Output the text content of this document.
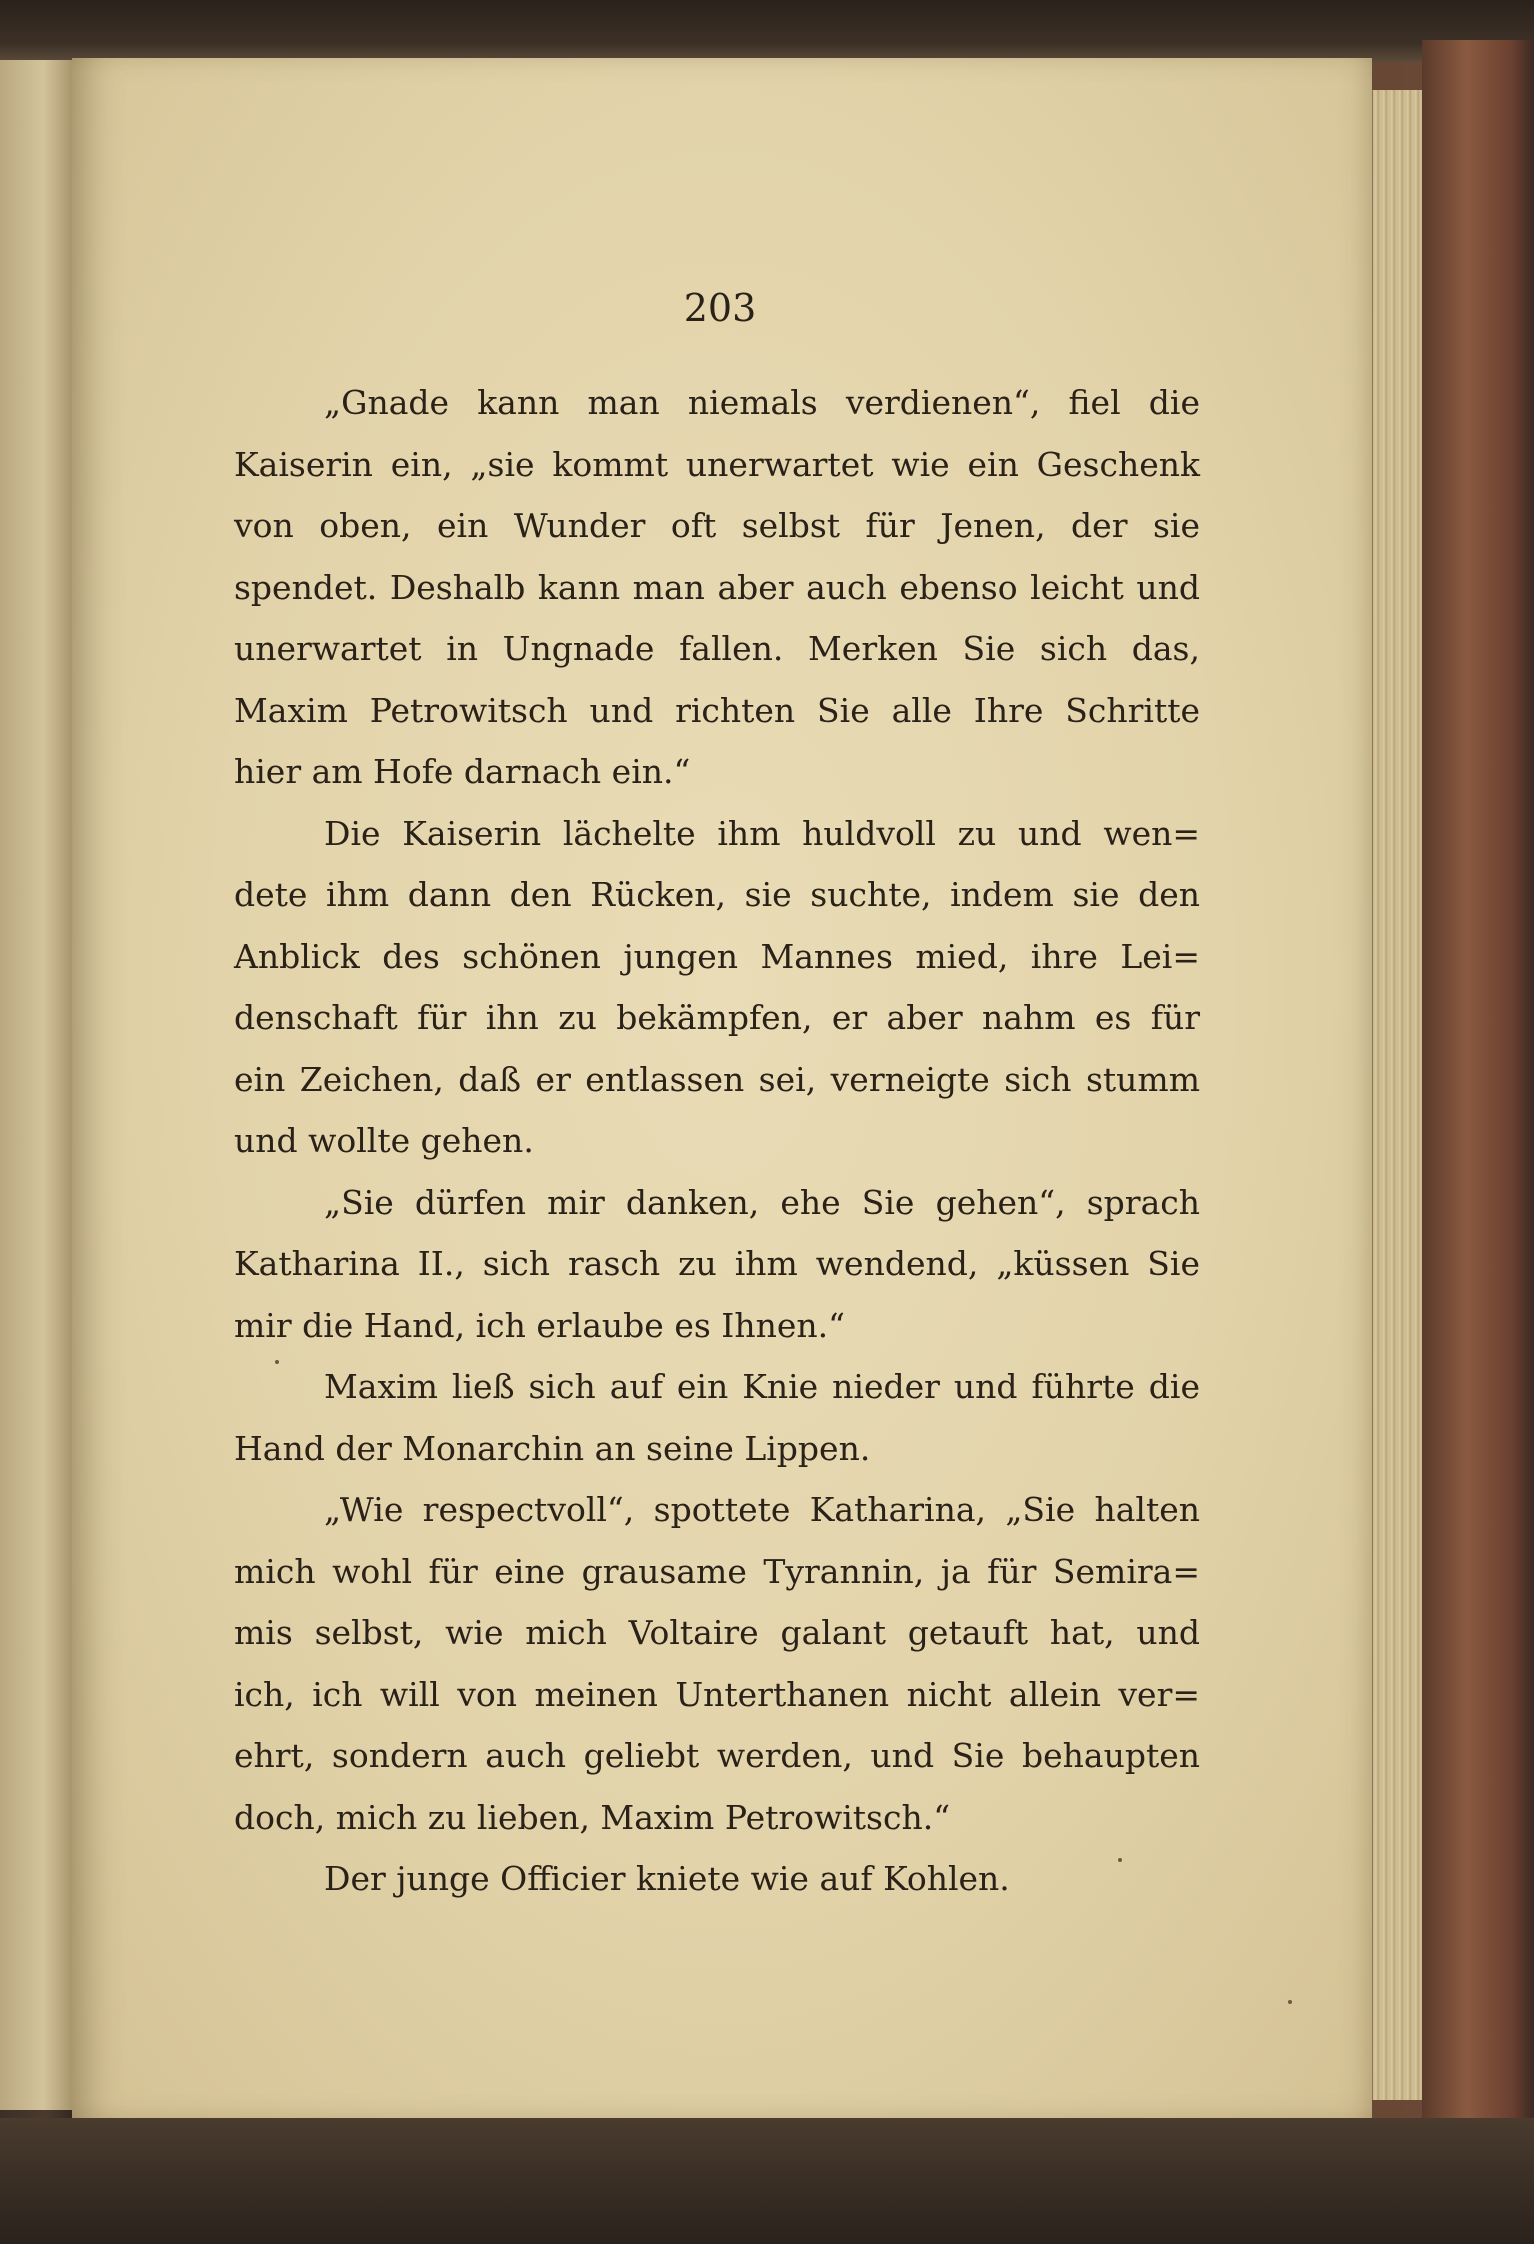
203
„Gnade kann man niemals verdienen“, fiel die
Kaiserin ein, „sie kommt unerwartet wie ein Geschenk
von oben, ein Wunder oft selbst für Jenen, der sie
spendet. Deshalb kann man aber auch ebenso leicht und
unerwartet in Ungnade fallen. Merken Sie sich das,
Maxim Petrowitsch und richten Sie alle Ihre Schritte
hier am Hofe darnach ein.“
Die Kaiserin lächelte ihm huldvoll zu und wen=
dete ihm dann den Rücken, sie suchte, indem sie den
Anblick des schönen jungen Mannes mied, ihre Lei=
denschaft für ihn zu bekämpfen, er aber nahm es für
ein Zeichen, daß er entlassen sei, verneigte sich stumm
und wollte gehen.
„Sie dürfen mir danken, ehe Sie gehen“, sprach
Katharina II., sich rasch zu ihm wendend, „küssen Sie
mir die Hand, ich erlaube es Ihnen.“
Maxim ließ sich auf ein Knie nieder und führte die
Hand der Monarchin an seine Lippen.
„Wie respectvoll“, spottete Katharina, „Sie halten
mich wohl für eine grausame Tyrannin, ja für Semira=
mis selbst, wie mich Voltaire galant getauft hat, und
ich, ich will von meinen Unterthanen nicht allein ver=
ehrt, sondern auch geliebt werden, und Sie behaupten
doch, mich zu lieben, Maxim Petrowitsch.“
Der junge Officier kniete wie auf Kohlen.
